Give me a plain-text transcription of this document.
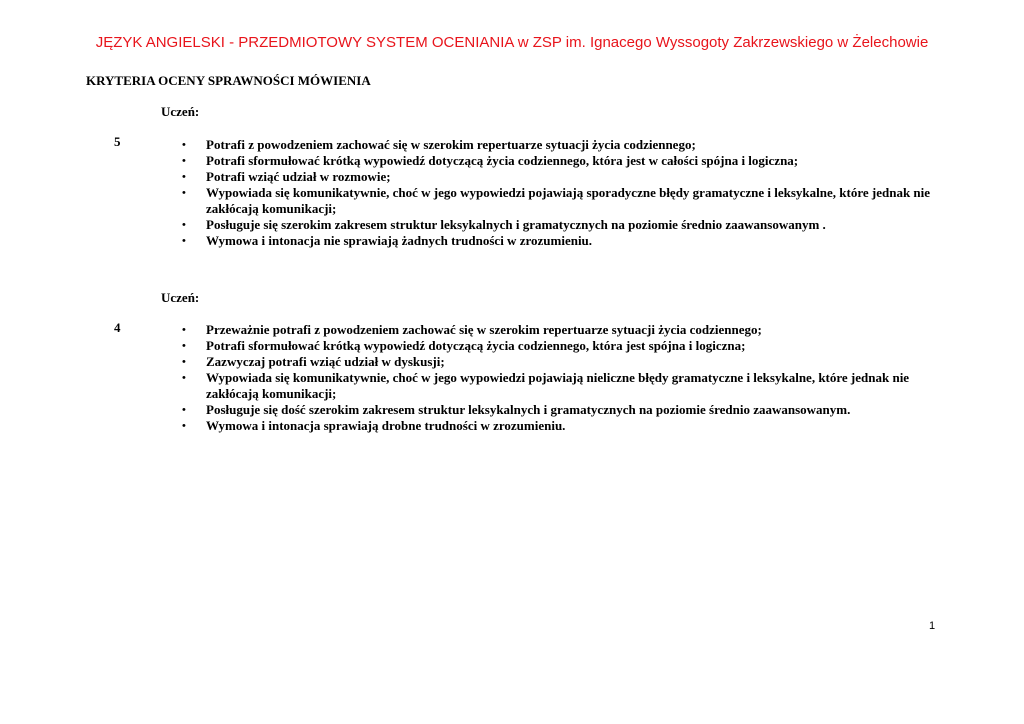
JĘZYK ANGIELSKI - PRZEDMIOTOWY SYSTEM OCENIANIA w ZSP im. Ignacego Wyssogoty Zakrzewskiego w Żelechowie
KRYTERIA OCENY SPRAWNOŚCI MÓWIENIA
Uczeń:
5	• Potrafi z powodzeniem zachować się w szerokim repertuarze sytuacji życia codziennego;
• Potrafi sformułować krótką wypowiedź dotyczącą życia codziennego, która jest w całości spójna i logiczna;
• Potrafi wziąć udział w rozmowie;
• Wypowiada się komunikatywnie, choć w jego wypowiedzi pojawiają sporadyczne błędy gramatyczne i leksykalne, które jednak nie zakłócają komunikacji;
• Posługuje się szerokim zakresem struktur leksykalnych i gramatycznych na poziomie średnio zaawansowanym .
• Wymowa i intonacja nie sprawiają żadnych trudności w zrozumieniu.
Uczeń:
4	• Przeważnie potrafi z powodzeniem zachować się w szerokim repertuarze sytuacji życia codziennego;
• Potrafi sformułować krótką wypowiedź dotyczącą życia codziennego, która jest spójna i logiczna;
• Zazwyczaj potrafi wziąć udział w dyskusji;
• Wypowiada się komunikatywnie, choć w jego wypowiedzi pojawiają nieliczne błędy gramatyczne i leksykalne, które jednak nie zakłócają komunikacji;
• Posługuje się dość szerokim zakresem struktur leksykalnych i gramatycznych na poziomie średnio zaawansowanym.
• Wymowa i intonacja sprawiają drobne trudności w zrozumieniu.
1
